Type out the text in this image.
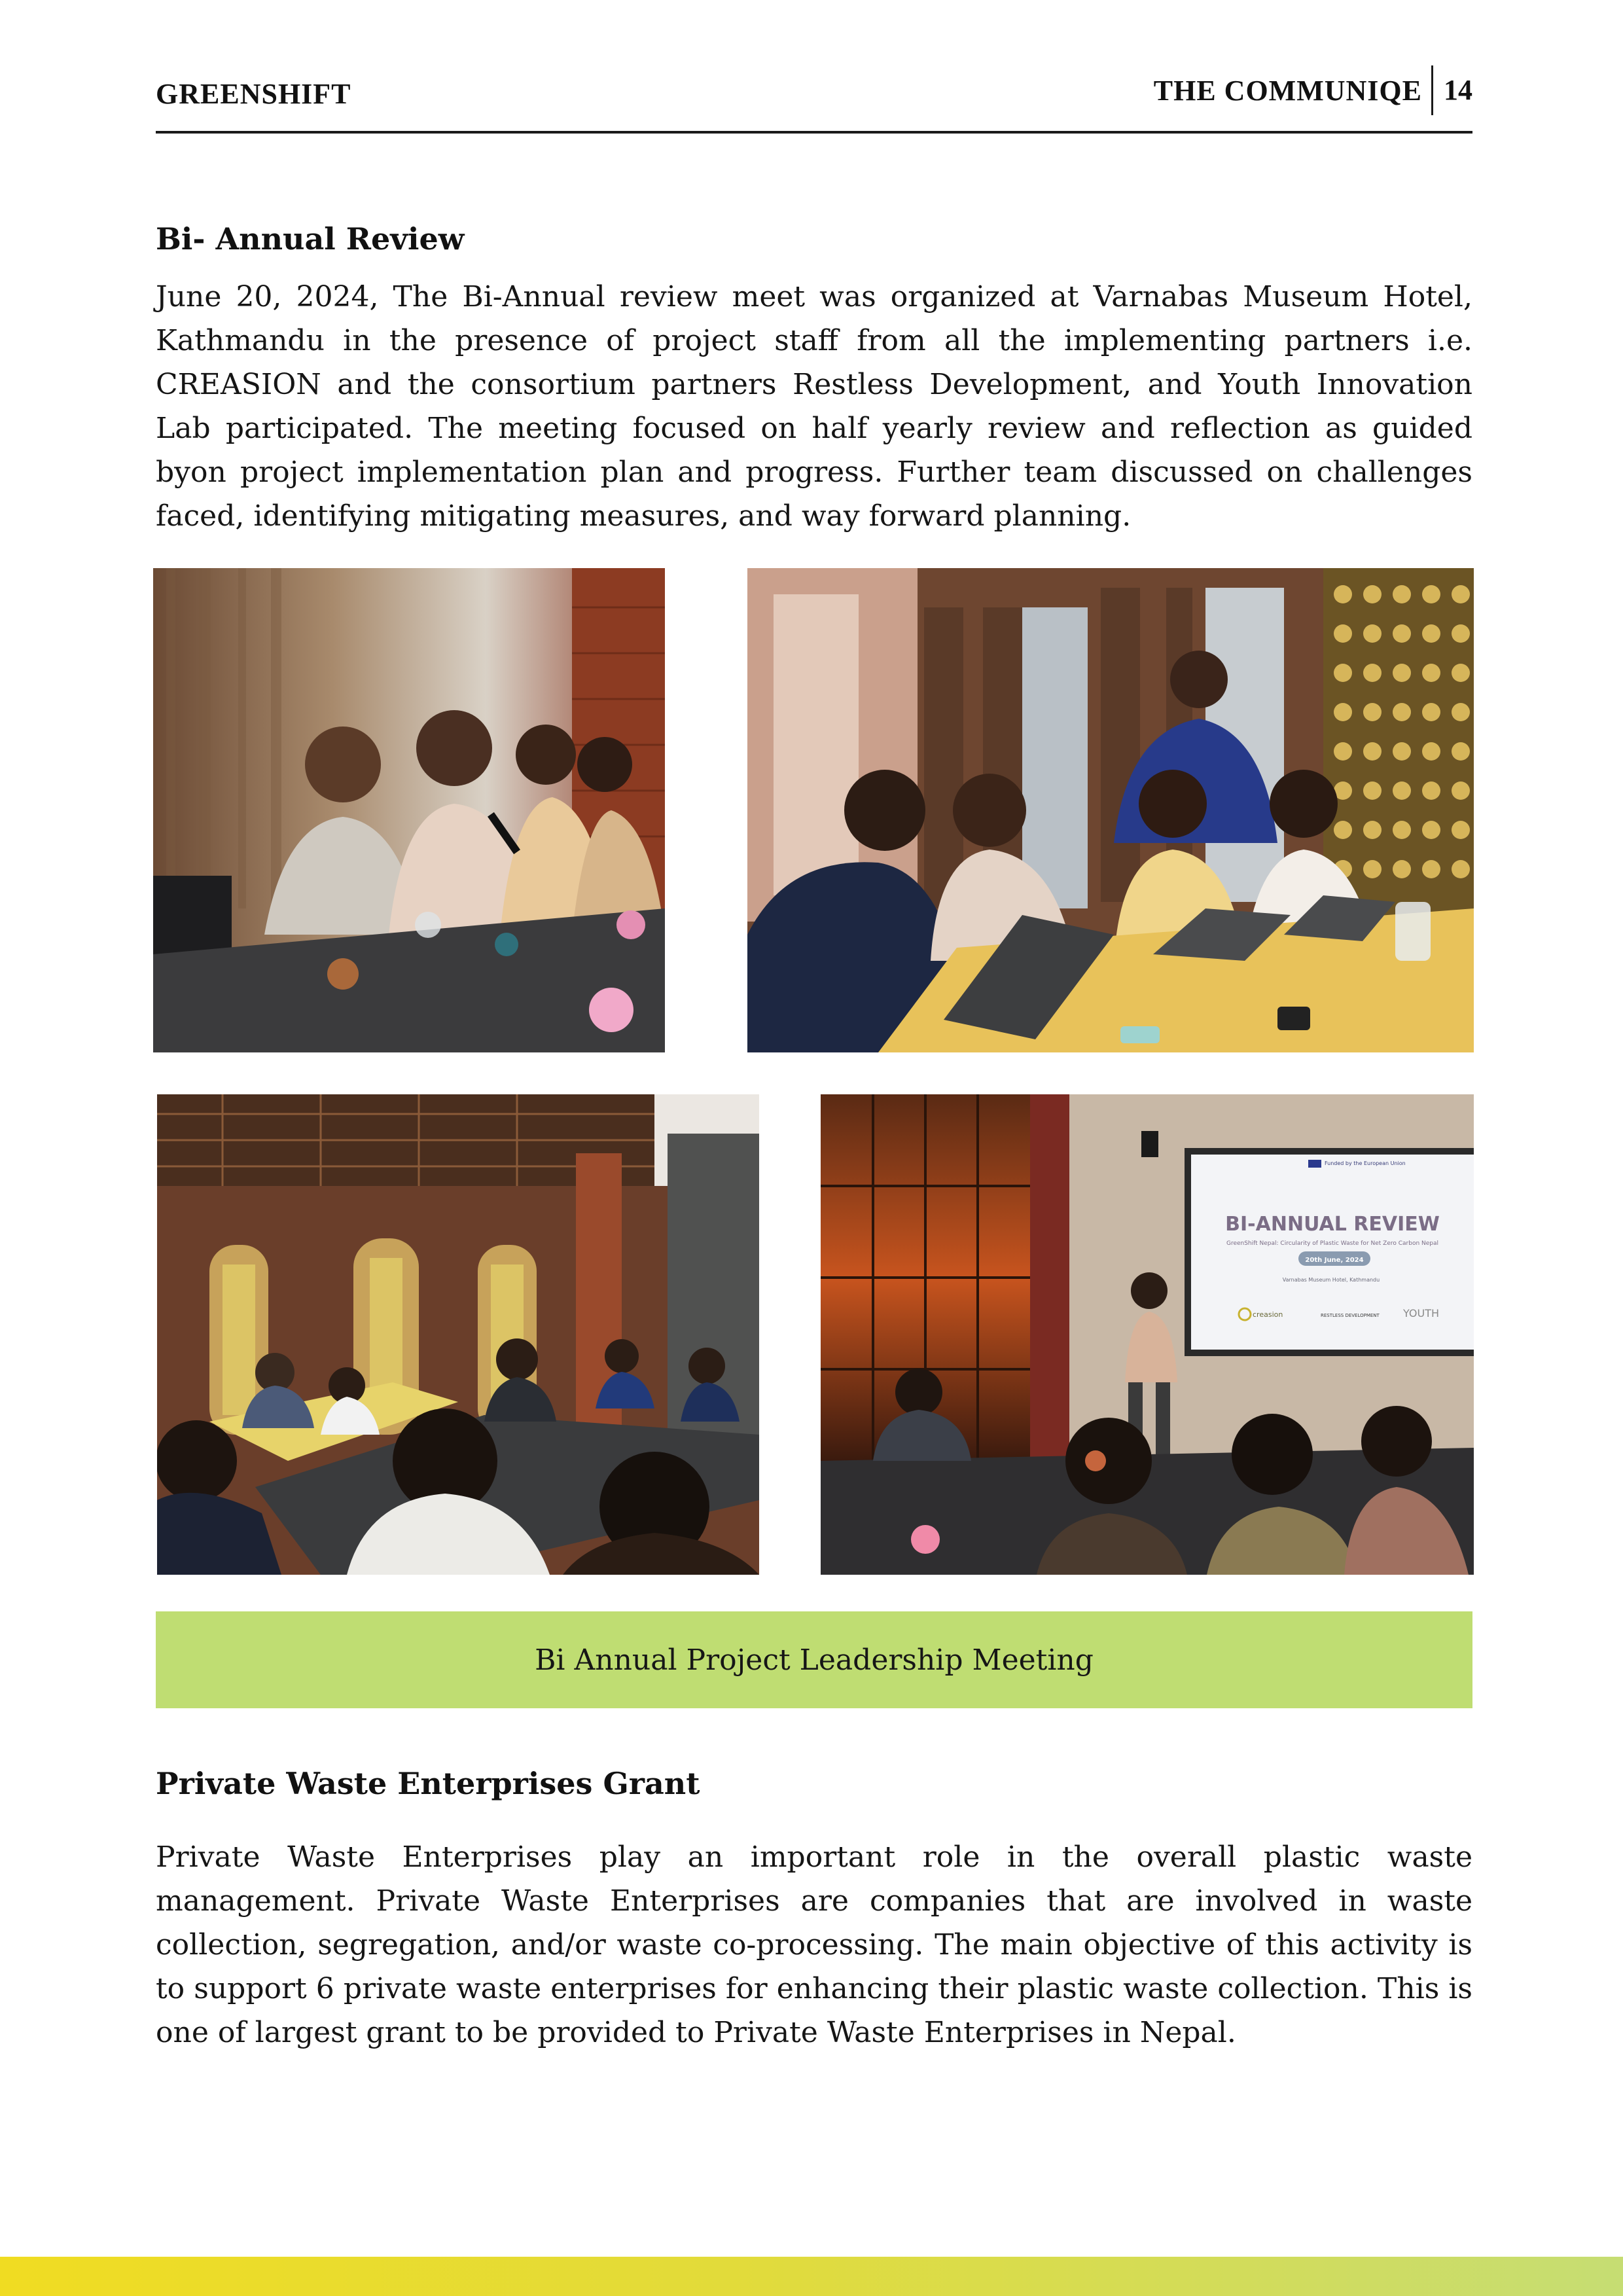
GREENSHIFT	THE COMMUNIQE 14
Bi- Annual Review

June 20, 2024, The Bi-Annual review meet was organized at Varnabas Museum Hotel, Kathmandu in the presence of project staff from all the implementing partners i.e. CREASION and the consortium partners Restless Development, and Youth Innovation Lab participated. The meeting focused on half yearly review and reflection as guided byon project implementation plan and progress. Further team discussed on challenges faced, identifying mitigating measures, and way forward planning.

Funded by the European Union
BI-ANNUAL REVIEW
GreenShift Nepal: Circularity of Plastic Waste for Net Zero Carbon Nepal
20th June, 2024
Varnabas Museum Hotel, Kathmandu
creasion	RESTLESS DEVELOPMENT YOUTH
Bi Annual Project Leadership Meeting
Private Waste Enterprises Grant

Private Waste Enterprises play an important role in the overall plastic waste management. Private Waste Enterprises are companies that are involved in waste collection, segregation, and/or waste co-processing. The main objective of this activity is to support 6 private waste enterprises for enhancing their plastic waste collection. This is one of largest grant to be provided to Private Waste Enterprises in Nepal.
